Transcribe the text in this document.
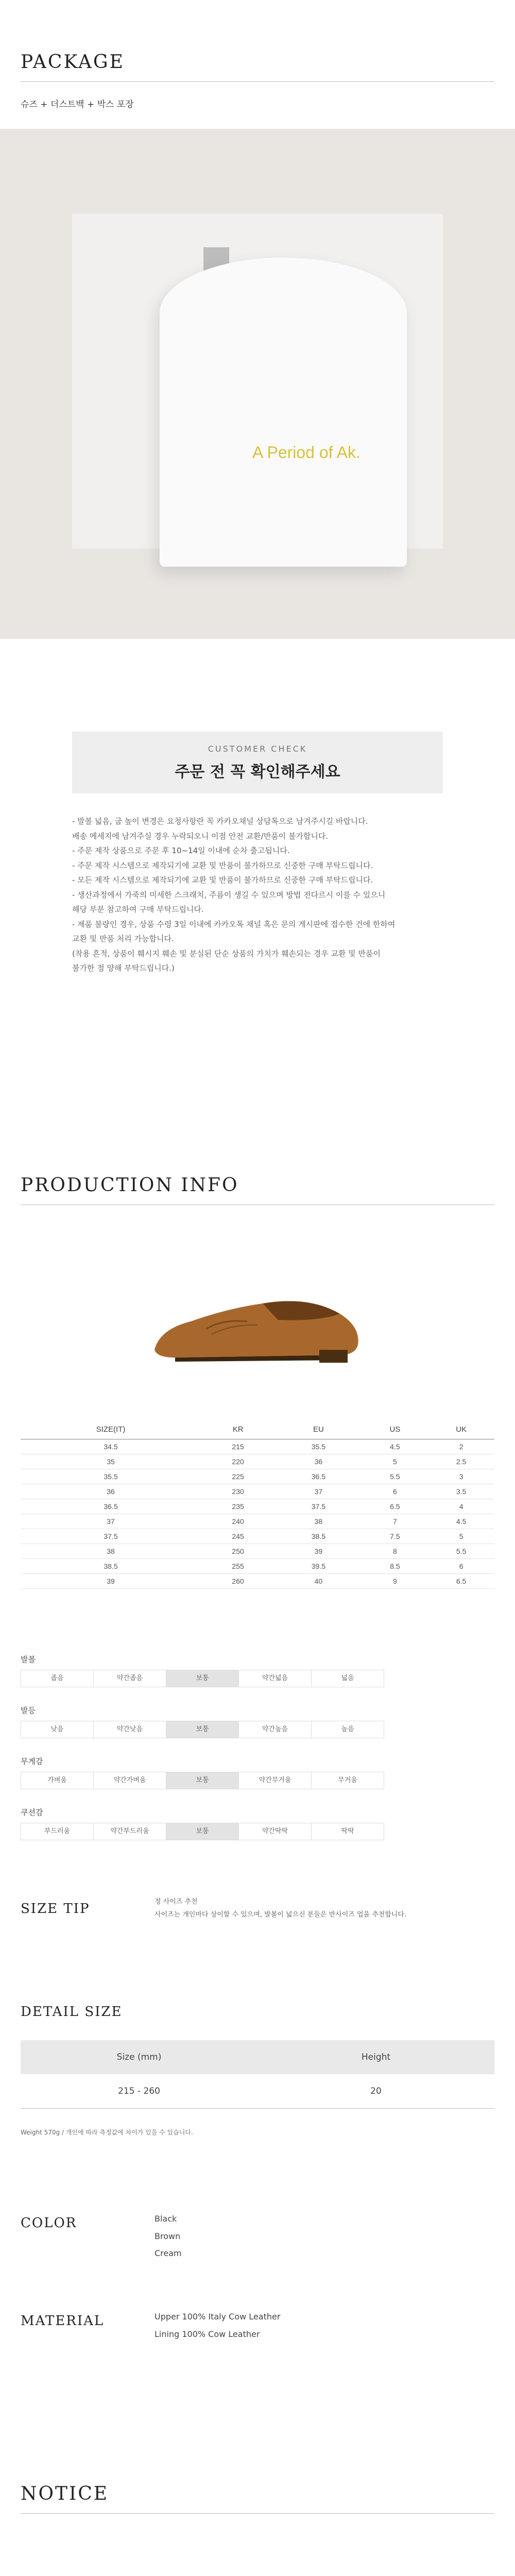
PACKAGE
슈즈 + 더스트백 + 박스 포장
A Period of Ak.
CUSTOMER CHECK
주문 전 꼭 확인해주세요
- 발볼 넓음, 굽 높이 변경은 요청사항란 꼭 카카오채널 상담톡으로 남겨주시길 바랍니다.
배송 메세지에 남겨주실 경우 누락되오니 이점 안전 교환/반품이 불가합니다.
- 주문 제작 상품으로 주문 후 10~14일 이내에 순차 출고됩니다.
- 주문 제작 시스템으로 제작되기에 교환 및 반품이 불가하므로 신중한 구매 부탁드립니다.
- 모든 제작 시스템으로 제작되기에 교환 및 반품이 불가하므로 신중한 구매 부탁드립니다.
- 생산과정에서 가죽의 미세한 스크래치, 주름이 생길 수 있으며 방법 전다르시 이를 수 있으니
해당 부분 참고하여 구매 부탁드립니다.
- 제품 불량인 경우, 상품 수령 3일 이내에 카카오톡 채널 혹은 문의 게시판에 접수한 건에 한하여
교환 및 반품 처리 가능합니다.
(착용 흔적, 상품이 훼시지 훼손 및 분실된 단순 상품의 가치가 훼손되는 경우 교환 및 반품이
불가한 점 양해 부탁드립니다.)
PRODUCTION INFO
SIZE(IT)	KR	EU	US	UK
34.5	215	35.5	4.5	2
35	220	36	5	2.5
35.5	225	36.5	5.5	3
36	230	37	6	3.5
36.5	235	37.5	6.5	4
37	240	38	7	4.5
37.5	245	38.5	7.5	5
38	250	39	8	5.5
38.5	255	39.5	8.5	6
39	260	40	9	6.5
발볼
좁음	약간좁음	보통	약간넓음	넓음
발등
낮음	약간낮음	보통	약간높음	높음
무게감
가벼움	약간가벼움	보통	약간무거움	무거움
쿠션감
부드러움	약간부드러움	보통	약간딱딱	딱딱
SIZE TIP	정 사이즈 추천
사이즈는 개인마다 상이할 수 있으며, 발볼이 넓으신 분들은 반사이즈 업을 추천합니다.
DETAIL SIZE
Size (mm)	Height
215 - 260	20
Weight 570g / 개인에 따라 측정값에 차이가 있을 수 있습니다.
COLOR	Black
Brown
Cream
MATERIAL	Upper 100% Italy Cow Leather
Lining 100% Cow Leather
NOTICE
